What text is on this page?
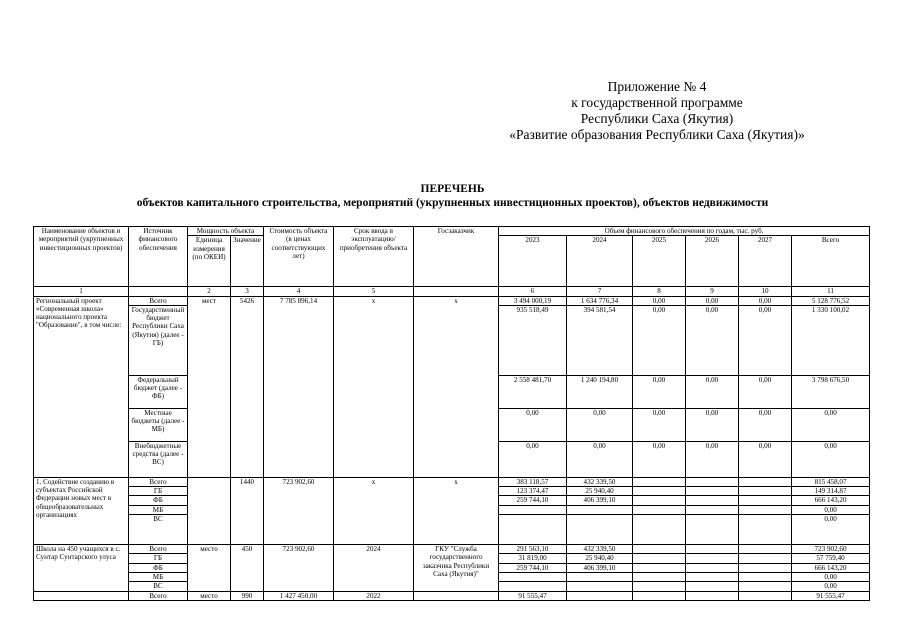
Приложение № 4
к государственной программе
Республики Саха (Якутия)
«Развитие образования Республики Саха (Якутия)»
ПЕРЕЧЕНЬ
объектов капитального строительства, мероприятий (укрупненных инвестиционных проектов), объектов недвижимости
Наименование объектов и мероприятий (укрупненных инвестиционных проектов)	Источник финансового обеспечения	Мощность объекта		Стоимость объекта (в ценах соответствующих лет)	Срок ввода в эксплуатацию/приобретения объекта	Госзаказчик	Объем финансового обеспечения по годам, тыс. руб.					
		Единица измерения (по ОКЕИ)	Значение				2023	2024	2025	2026	2027	Всего
1		2	3	4	5		6	7	8	9	10	11
Региональный проект «Современная школа» национального проекта "Образование", в том числе:	Всего	мест	5426	7 785 896,14	х	х	3 494 000,19	1 634 776,34	0,00	0,00	0,00	5 128 776,52
	Государственный бюджет Республики Саха (Якутия) (далее - ГБ)						935 518,49	394 581,54	0,00	0,00	0,00	1 330 100,02
	Федеральный бюджет (далее - ФБ)						2 558 481,70	1 240 194,80	0,00	0,00	0,00	3 798 676,50
	Местные бюджеты (далее - МБ)						0,00	0,00	0,00	0,00	0,00	0,00
	Внебюджетные средства (далее - ВС)						0,00	0,00	0,00	0,00	0,00	0,00
1. Содействие созданию в субъектах Российской Федерации новых мест в общеобразовательных организациях	Всего		1440	723 902,60	х	х	383 118,57	432 339,50				815 458,07
	ГБ						123 374,47	25 940,40				149 314,87
	ФБ						259 744,10	406 399,10				666 143,20
	МБ											0,00
	ВС											0,00
Школа на 450 учащихся в с. Сунтар Сунтарского улуса	Всего	место	450	723 902,60	2024	ГКУ "Служба государственного заказчика Республики Саха (Якутия)"	291 563,10	432 339,50				723 902,60
	ГБ						31 819,00	25 940,40				57 759,40
	ФБ						259 744,10	406 399,10				666 143,20
	МБ											0,00
	ВС											0,00
	Всего	место	990	1 427 450,00	2022		91 555,47					91 555,47
